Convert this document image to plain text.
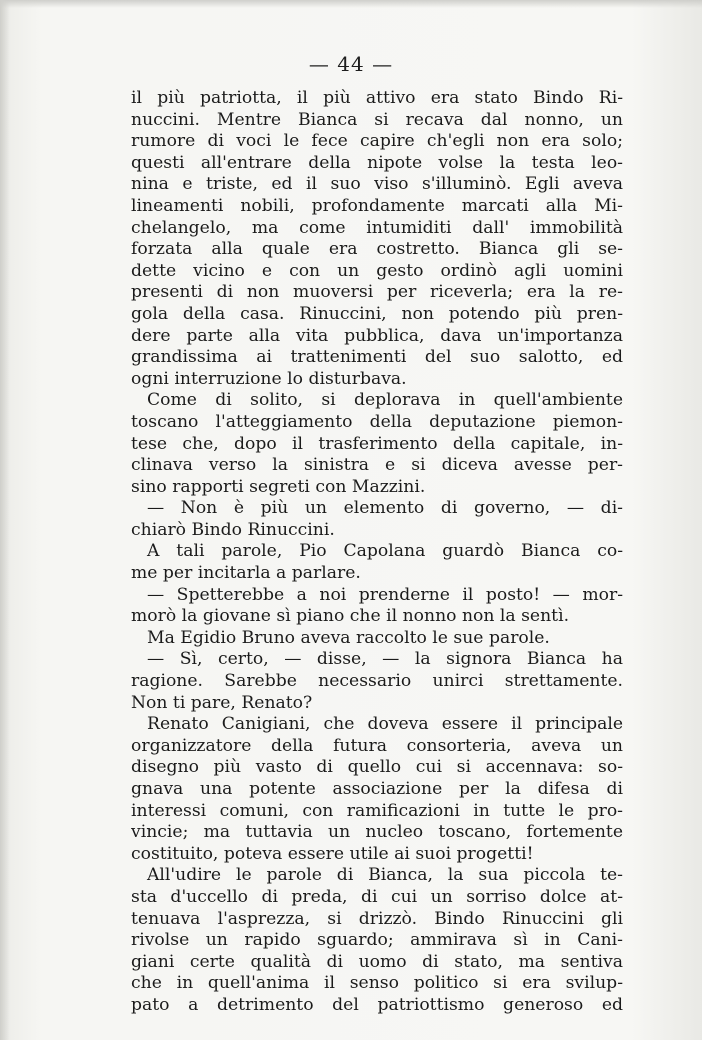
— 44 —
il più patriotta, il più attivo era stato Bindo Ri-
nuccini. Mentre Bianca si recava dal nonno, un
rumore di voci le fece capire ch'egli non era solo;
questi all'entrare della nipote volse la testa leo-
nina e triste, ed il suo viso s'illuminò. Egli aveva
lineamenti nobili, profondamente marcati alla Mi-
chelangelo, ma come intumiditi dall' immobilità
forzata alla quale era costretto. Bianca gli se-
dette vicino e con un gesto ordinò agli uomini
presenti di non muoversi per riceverla; era la re-
gola della casa. Rinuccini, non potendo più pren-
dere parte alla vita pubblica, dava un'importanza
grandissima ai trattenimenti del suo salotto, ed
ogni interruzione lo disturbava.
Come di solito, si deplorava in quell'ambiente
toscano l'atteggiamento della deputazione piemon-
tese che, dopo il trasferimento della capitale, in-
clinava verso la sinistra e si diceva avesse per-
sino rapporti segreti con Mazzini.
— Non è più un elemento di governo, — di-
chiarò Bindo Rinuccini.
A tali parole, Pio Capolana guardò Bianca co-
me per incitarla a parlare.
— Spetterebbe a noi prenderne il posto! — mor-
morò la giovane sì piano che il nonno non la sentì.
Ma Egidio Bruno aveva raccolto le sue parole.
— Sì, certo, — disse, — la signora Bianca ha
ragione. Sarebbe necessario unirci strettamente.
Non ti pare, Renato?
Renato Canigiani, che doveva essere il principale
organizzatore della futura consorteria, aveva un
disegno più vasto di quello cui si accennava: so-
gnava una potente associazione per la difesa di
interessi comuni, con ramificazioni in tutte le pro-
vincie; ma tuttavia un nucleo toscano, fortemente
costituito, poteva essere utile ai suoi progetti!
All'udire le parole di Bianca, la sua piccola te-
sta d'uccello di preda, di cui un sorriso dolce at-
tenuava l'asprezza, si drizzò. Bindo Rinuccini gli
rivolse un rapido sguardo; ammirava sì in Cani-
giani certe qualità di uomo di stato, ma sentiva
che in quell'anima il senso politico si era svilup-
pato a detrimento del patriottismo generoso ed
